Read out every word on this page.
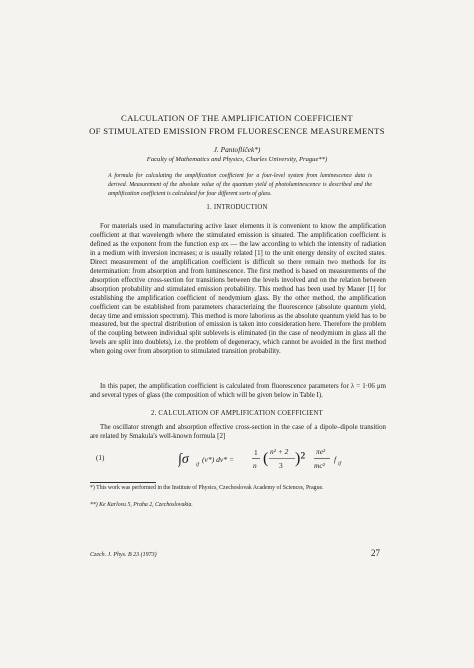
CALCULATION OF THE AMPLIFICATION COEFFICIENT
OF STIMULATED EMISSION FROM FLUORESCENCE MEASUREMENTS
J. Pantoflíček*)
Faculty of Mathematics and Physics, Charles University, Prague**)

A formula for calculating the amplification coefficient for a four-level system from luminescence data is derived. Measurement of the absolute value of the quantum yield of photoluminescence is described and the amplification coefficient is calculated for four different sorts of glass.

1. INTRODUCTION

For materials used in manufacturing active laser elements it is convenient to know the amplification coefficient at that wavelength where the stimulated emission is situated. The amplification coefficient is defined as the exponent from the function exp αx — the law according to which the intensity of radiation in a medium with inversion increases; α is usually related [1] to the unit energy density of excited states. Direct measurement of the amplification coefficient is difficult so there remain two methods for its determination: from absorption and from luminescence. The first method is based on measurements of the absorption effective cross-section for transitions between the levels involved and on the relation between absorption probability and stimulated emission probability. This method has been used by Mauer [1] for establishing the amplification coefficient of neodymium glass. By the other method, the amplification coefficient can be established from parameters characterizing the fluorescence (absolute quantum yield, decay time and emission spectrum). This method is more laborious as the absolute quantum yield has to be measured, but the spectral distribution of emission is taken into consideration here. Therefore the problem of the coupling between individual split sublevels is eliminated (in the case of neodymium in glass all the levels are split into doublets), i.e. the problem of degeneracy, which cannot be avoided in the first method when going over from absorption to stimulated transition probability.

In this paper, the amplification coefficient is calculated from fluorescence parameters for λ = 1·06 μm and several types of glass (the composition of which will be given below in Table I).

2. CALCULATION OF AMPLIFICATION COEFFICIENT

The oscillator strength and absorption effective cross-section in the case of a dipole–dipole transition are related by Smakula's well-known formula [2]

(1)	∫σ if
(ν*) dν* =
1
n ( n² + 2
3 )² πe²
mc²
f if

*) This work was performed in the Institute of Physics, Czechoslovak Academy of Sciences, Prague.

**) Ke Karlovu 5, Praha 2, Czechoslovakia.

Czech. J. Phys. B 23 (1973)	27
